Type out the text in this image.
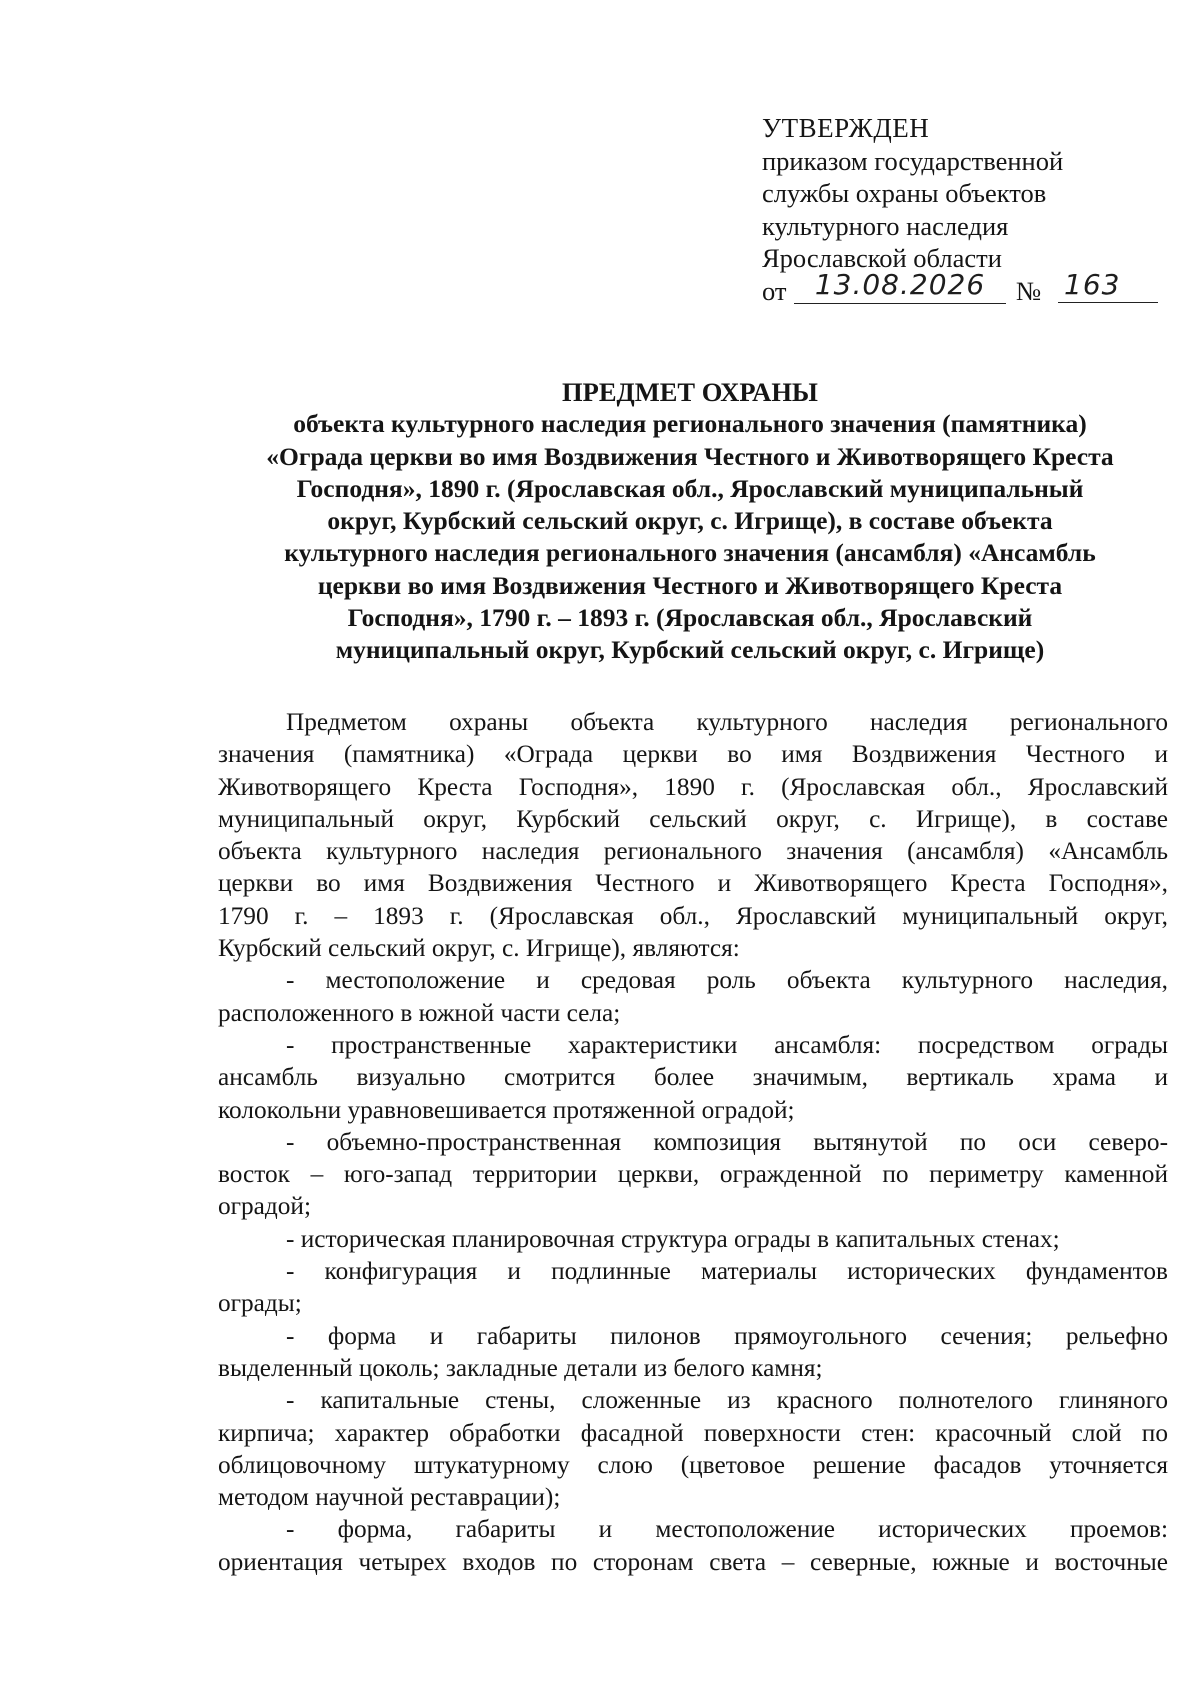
УТВЕРЖДЕН
приказом государственной
службы охраны объектов
культурного наследия
Ярославской области
от	13.08.2026	№ 163
ПРЕДМЕТ ОХРАНЫ
объекта культурного наследия регионального значения (памятника)
«Ограда церкви во имя Воздвижения Честного и Животворящего Креста
Господня», 1890 г. (Ярославская обл., Ярославский муниципальный
округ, Курбский сельский округ, с. Игрище), в составе объекта
культурного наследия регионального значения (ансамбля) «Ансамбль
церкви во имя Воздвижения Честного и Животворящего Креста
Господня», 1790 г. – 1893 г. (Ярославская обл., Ярославский
муниципальный округ, Курбский сельский округ, с. Игрище)

Предметом охраны объекта культурного наследия регионального
значения (памятника) «Ограда церкви во имя Воздвижения Честного и
Животворящего Креста Господня», 1890 г. (Ярославская обл., Ярославский
муниципальный округ, Курбский сельский округ, с. Игрище), в составе
объекта культурного наследия регионального значения (ансамбля) «Ансамбль
церкви во имя Воздвижения Честного и Животворящего Креста Господня»,
1790 г. – 1893 г. (Ярославская обл., Ярославский муниципальный округ,
Курбский сельский округ, с. Игрище), являются:

- местоположение и средовая роль объекта культурного наследия,
расположенного в южной части села;

- пространственные характеристики ансамбля: посредством ограды
ансамбль визуально смотрится более значимым, вертикаль храма и
колокольни уравновешивается протяженной оградой;

- объемно-пространственная композиция вытянутой по оси северо-
восток – юго-запад территории церкви, огражденной по периметру каменной
оградой;

- историческая планировочная структура ограды в капитальных стенах;

- конфигурация и подлинные материалы исторических фундаментов
ограды;

- форма и габариты пилонов прямоугольного сечения; рельефно
выделенный цоколь; закладные детали из белого камня;

- капитальные стены, сложенные из красного полнотелого глиняного
кирпича; характер обработки фасадной поверхности стен: красочный слой по
облицовочному штукатурному слою (цветовое решение фасадов уточняется
методом научной реставрации);

- форма, габариты и местоположение исторических проемов:
ориентация четырех входов по сторонам света – северные, южные и восточные
